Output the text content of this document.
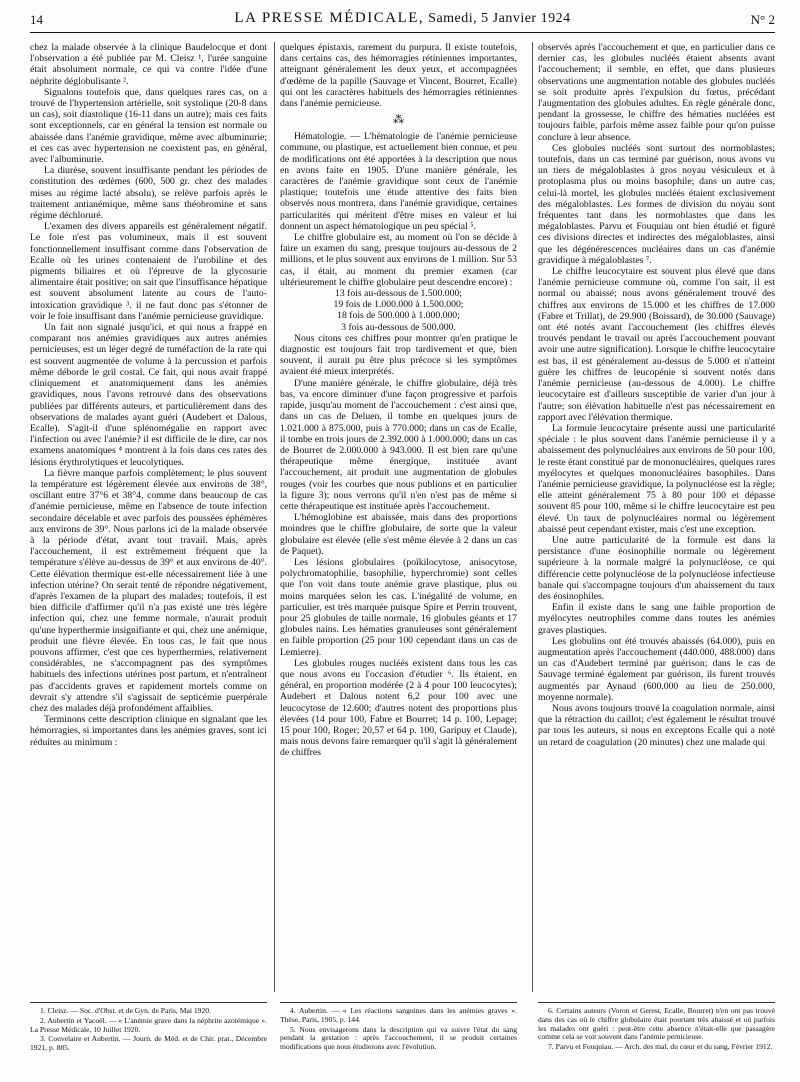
14	LA PRESSE MÉDICALE, Samedi, 5 Janvier 1924	N° 2

chez la malade observée à la clinique Baudelocque et dont l'observation a été publiée par M. Cleisz ¹, l'urée sanguine était absolument normale, ce qui va contre l'idée d'une néphrite déglobulisante ².

Signalons toutefois que, dans quelques rares cas, on a trouvé de l'hypertension artérielle, soit systolique (20-8 dans un cas), soit diastolique (16-11 dans un autre); mais ces faits sont exceptionnels, car en général la tension est normale ou abaissée dans l'anémie gravidique, même avec albuminurie; et ces cas avec hypertension ne coexistent pas, en général, avec l'albuminurie.

La diurèse, souvent insuffisante pendant les périodes de constitution des œdèmes (600, 500 gr. chez des malades mises au régime lacté absolu), se relève parfois après le traitement antianémique, même sans théobromine et sans régime déchloruré.

L'examen des divers appareils est généralement négatif. Le foie n'est pas volumineux, mais il est souvent fonctionnellement insuffisant comme dans l'observation de Ecalle où les urines contenaient de l'urobiline et des pigments biliaires et où l'épreuve de la glycosurie alimentaire était positive; on sait que l'insuffisance hépatique est souvent absolument latente au cours de l'auto-intoxication gravidique ³. il ne faut donc pas s'étonner de voir le foie insuffisant dans l'anémie pernicieuse gravidique.

Un fait non signalé jusqu'ici, et qui nous a frappé en comparant nos anémies gravidiques aux autres anémies pernicieuses, est un léger degré de tuméfaction de la rate qui est souvent augmentée de volume à la percussion et parfois même déborde le gril costal. Ce fait, qui nous avait frappé cliniquement et anatomiquement dans les anémies gravidiques, nous l'avons retrouvé dans des observations publiées par différents auteurs, et particulièrement dans des observations de malades ayant guéri (Audebert et Dalous, Ecalle). S'agit-il d'une splénomégalie en rapport avec l'infection ou avec l'anémie? il est difficile de le dire, car nos examens anatomiques ⁴ montrent à la fois dans ces rates des lésions érythrolytiques et leucolytiques.

La fièvre manque parfois complètement; le plus souvent la température est légèrement élevée aux environs de 38°, oscillant entre 37°6 et 38°4, comme dans beaucoup de cas d'anémie pernicieuse, même en l'absence de toute infection secondaire décelable et avec parfois des poussées éphémères aux environs de 39°. Nous parlons ici de la malade observée à la période d'état, avant tout travail. Mais, après l'accouchement, il est extrêmement fréquent que la température s'élève au-dessus de 39° et aux environs de 40°. Cette élévation thermique est-elle nécessairement liée à une infection utérine? On serait tenté de répondre négativement, d'après l'examen de la plupart des malades; toutefois, il est bien difficile d'affirmer qu'il n'a pas existé une très légère infection qui, chez une femme normale, n'aurait produit qu'une hyperthermie insignifiante et qui, chez une anémique, produit une fièvre élevée. En tous cas, le fait que nous pouvons affirmer, c'est que ces hyperthermies, relativement considérables, ne s'accompagnent pas des symptômes habituels des infections utérines post partum, et n'entraînent pas d'accidents graves et rapidement mortels comme on devrait s'y attendre s'il s'agissait de septicémie puerpérale chez des malades déjà profondément affaiblies.

Terminons cette description clinique en signalant que les hémorragies, si importantes dans les anémies graves, sont ici réduites au minimum :

quelques épistaxis, rarement du purpura. Il existe toutefois, dans certains cas, des hémorragies rétiniennes importantes, atteignant généralement les deux yeux, et accompagnées d'œdème de la papille (Sauvage et Vincent, Bourret, Ecalle) qui ont les caractères habituels des hémorragies rétiniennes dans l'anémie pernicieuse.

⁂

Hématologie. — L'hématologie de l'anémie pernicieuse commune, ou plastique, est actuellement bien connue, et peu de modifications ont été apportées à la description que nous en avons faite en 1905. D'une manière générale, les caractères de l'anémie gravidique sont ceux de l'anémie plastique; toutefois une étude attentive des faits bien observés nous montrera, dans l'anémie gravidique, certaines particularités qui méritent d'être mises en valeur et lui donnent un aspect hématologique un peu spécial ⁵.

Le chiffre globulaire est, au moment où l'on se décide à faire un examen du sang, presque toujours au-dessous de 2 millions, et le plus souvent aux environs de 1 million. Sur 53 cas, il était, au moment du premier examen (car ultérieurement le chiffre globulaire peut descendre encore) :

13 fois au-dessous de 1.500.000;

19 fois de 1.000.000 à 1.500.000;

18 fois de 500.000 à 1.000.000;

3 fois au-dessous de 500.000.

Nous citons ces chiffres pour montrer qu'en pratique le diagnostic est toujours fait trop tardivement et que, bien souvent, il aurait pu être plus précoce si les symptômes avaient été mieux interprétés.

D'une manière générale, le chiffre globulaire, déjà très bas, va encore diminuer d'une façon progressive et parfois rapide, jusqu'au moment de l'accouchement : c'est ainsi que, dans un cas de Deluen, il tombe en quelques jours de 1.021.000 à 875.000, puis à 770.000; dans un cas de Ecalle, il tombe en trois jours de 2.392.000 à 1.000.000; dans un cas de Bourret de 2.000.000 à 943.000. Il est bien rare qu'une thérapeutique même énergique, instituée avant l'accouchement, ait produit une augmentation de globules rouges (voir les courbes que nous publions et en particulier la figure 3); nous verrons qu'il n'en n'est pas de même si cette thérapeutique est instituée après l'accouchement.

L'hémoglobine est abaissée, mais dans des proportions moindres que le chiffre globulaire, de sorte que la valeur globulaire est élevée (elle s'est même élevée à 2 dans un cas de Paquet).

Les lésions globulaires (poïkilocytose, anisocytose, polychromatophilie, basophilie, hyperchromie) sont celles que l'on voit dans toute anémie grave plastique, plus ou moins marquées selon les cas. L'inégalité de volume, en particulier, est très marquée puisque Spire et Perrin trouvent, pour 25 globules de taille normale, 16 globules géants et 17 globules nains. Les hématies granuleuses sont généralement en faible proportion (25 pour 100 cependant dans un cas de Lemierre).

Les globules rouges nucléés existent dans tous les cas que nous avons eu l'occasion d'étudier ⁶. Ils étaient, en général, en proportion modérée (2 à 4 pour 100 leucocytes); Audebert et Dalous notent 6,2 pour 100 avec une leucocytose de 12.600; d'autres notent des proportions plus élevées (14 pour 100, Fabre et Bourret; 14 p. 100, Lepage; 15 pour 100, Roger; 20,57 et 64 p. 100, Garipuy et Claude), mais nous devons faire remarquer qu'il s'agit là généralement de chiffres

observés après l'accouchement et que, en particulier dans ce dernier cas, les globules nucléés étaient absents avant l'accouchement; il semble, en effet, que dans plusieurs observations une augmentation notable des globules nucléés se soit produite après l'expulsion du fœtus, précédant l'augmentation des globules adultes. En règle générale donc, pendant la grossesse, le chiffre des hématies nucléées est toujours faible, parfois même assez faible pour qu'on puisse conclure à leur absence.

Ces globules nucléés sont surtout des normoblastes; toutefois, dans un cas terminé par guérison, nous avons vu un tiers de mégaloblastes à gros noyau vésiculeux et à protoplasma plus ou moins basophile; dans un autre cas, celui-là mortel, les globules nucléés étaient exclusivement des mégaloblastes. Les formes de division du noyau sont fréquentes tant dans les normoblastes que dans les mégaloblastes. Parvu et Fouquiau ont bien étudié et figuré ces divisions directes et indirectes des mégaloblastes, ainsi que les dégénérescences nucléaires dans un cas d'anémie gravidique à mégaloblastes ⁷.

Le chiffre leucocytaire est souvent plus élevé que dans l'anémie pernicieuse commune où, comme l'on sait, il est normal ou abaissé; nous avons généralement trouvé des chiffres aux environs de 15.000 et les chiffres de 17.000 (Fabre et Trillat), de 29.900 (Boissard), de 30.000 (Sauvage) ont été notés avant l'accouchement (les chiffres élevés trouvés pendant le travail ou après l'accouchement pouvant avoir une autre signification). Lorsque le chiffre leucocytaire est bas, il est généralement au-dessus de 5.000 et n'atteint guère les chiffres de leucopénie si souvent notés dans l'anémie pernicieuse (au-dessous de 4.000). Le chiffre leucocytaire est d'ailleurs susceptible de varier d'un jour à l'autre; son élévation habituelle n'est pas nécessairement en rapport avec l'élévation thermique.

La formule leucocytaire présente aussi une particularité spéciale : le plus souvent dans l'anémie pernicieuse il y a abaissement des polynucléaires aux environs de 50 pour 100, le reste étant constitué par de mononucléaires, quelques rares myélocytes et quelques mononucléaires basophiles. Dans l'anémie pernicieuse gravidique, la polynucléose est la règle; elle atteint généralement 75 à 80 pour 100 et dépasse souvent 85 pour 100, même si le chiffre leucocytaire est peu élevé. Un taux de polynucléaires normal ou légèrement abaissé peut cependant exister, mais c'est une exception.

Une autre particularité de la formule est dans la persistance d'une éosinophilie normale ou légèrement supérieure à la normale malgré la polynucléose, ce qui différencie cette polynucléose de la polynucléose infectieuse banale qui s'accompagne toujours d'un abaissement du taux des éosinophiles.

Enfin il existe dans le sang une faible proportion de myélocytes neutrophiles comme dans toutes les anémies graves plastiques.

Les globulins ont été trouvés abaissés (64.000), puis en augmentation après l'accouchement (440.000, 488.000) dans un cas d'Audebert terminé par guérison; dans le cas de Sauvage terminé également par guérison, ils furent trouvés augmentés par Aynaud (600.000 au lieu de 250.000, moyenne normale).

Nous avons toujours trouvé la coagulation normale, ainsi que la rétraction du caillot; c'est également le résultat trouvé par tous les auteurs, si nous en exceptons Ecalle qui a noté un retard de coagulation (20 minutes) chez une malade qui

1. Cleisz. — Soc. d'Obst. et de Gyn. de Paris, Mai 1920.

2. Aubertin et Yacoël. — « L'anémie grave dans la néphrite azotémique ». La Presse Médicale, 10 Juillet 1920.

3. Couvelaire et Aubertin. — Journ. de Méd. et de Chir. prat., Décembre 1921, p. 885.

4. Aubertin. — « Les réactions sanguines dans les anémies graves ». Thèse, Paris, 1905, p. 144.

5. Nous envisagerons dans la description qui va suivre l'état du sang pendant la gestation : après l'accouchement, il se produit certaines modifications que nous étudierons avec l'évolution.

6. Certains auteurs (Voron et Gerest, Ecalle, Bourret) n'en ont pas trouvé dans des cas où le chiffre globulaire était pourtant très abaissé et où parfois les malades ont guéri : peut-être cette absence n'était-elle que passagère comme cela se voit souvent dans l'anémie pernicieuse.

7. Parvu et Fouquiau. — Arch. des mal. du cœur et du sang, Février 1912.
